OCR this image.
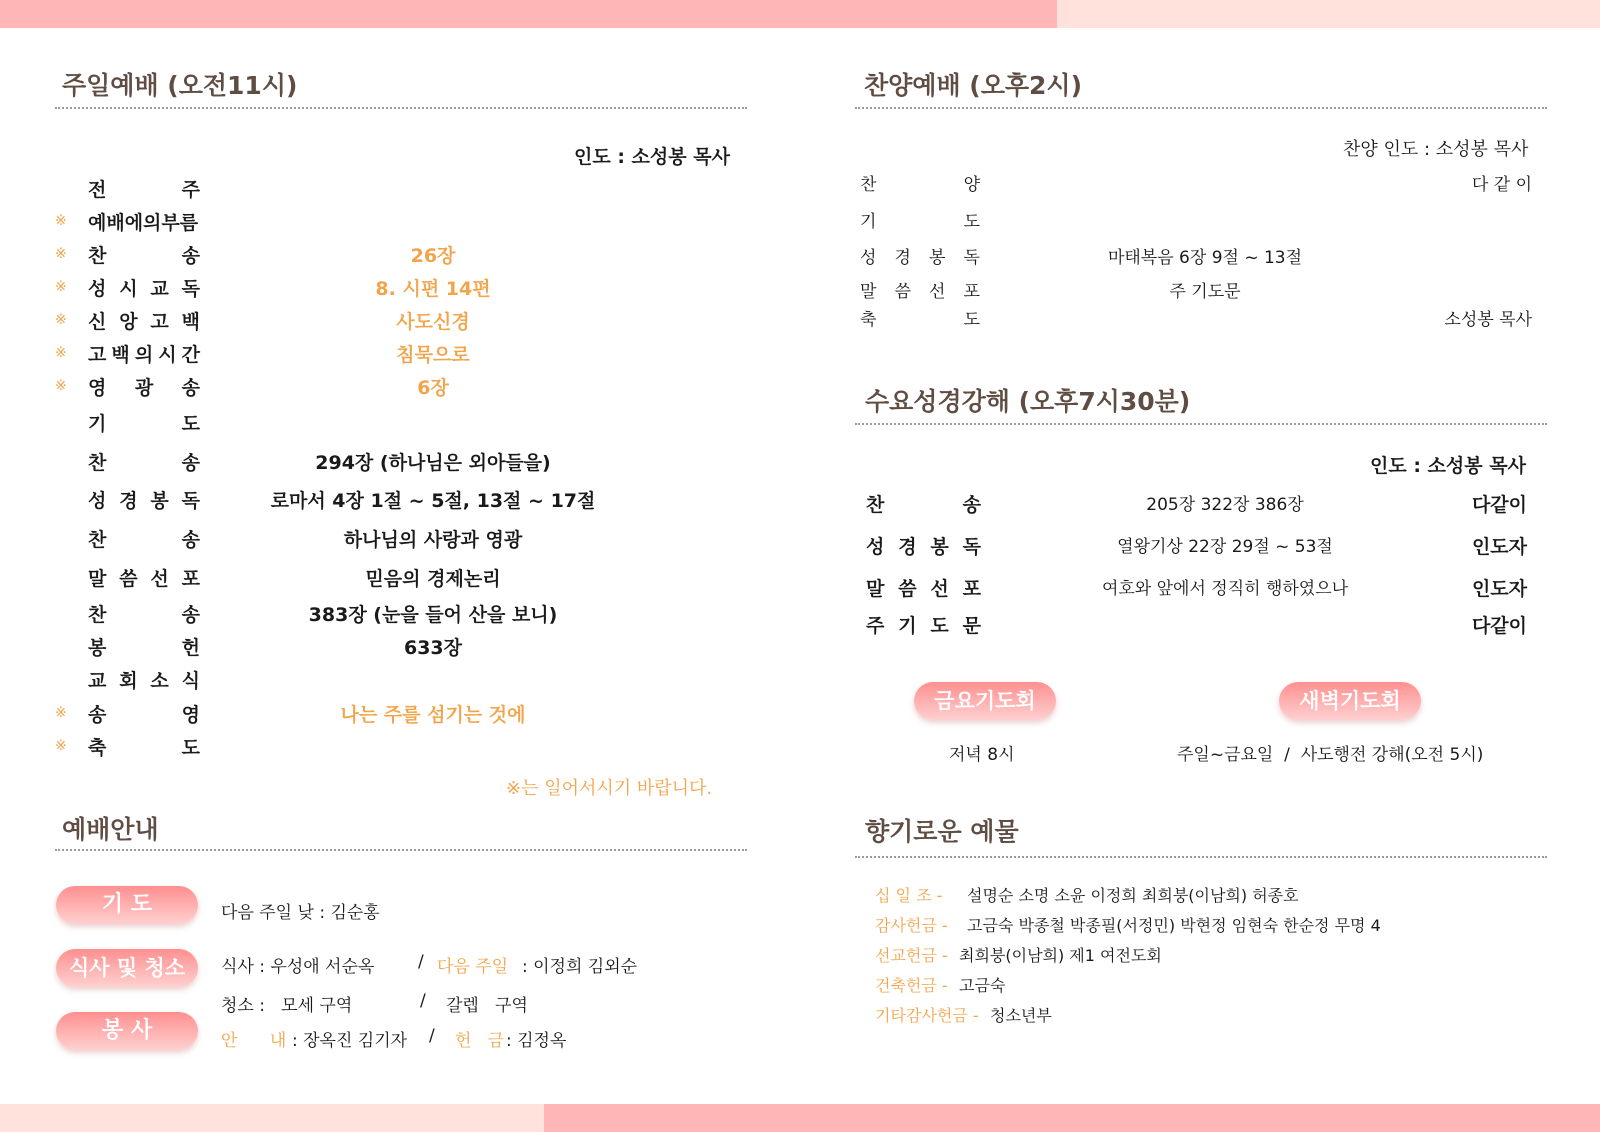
주일예배 (오전11시)
인도 : 소성봉 목사
전	주
※ 예배에의부름
※ 찬	송	26장
※ 성 시 교 독	8. 시편 14편
※ 신 앙 고 백	사도신경
※ 고 백 의 시 간	침묵으로
※ 영 광 송	6장
기	도
찬	송	294장 (하나님은 외아들을)
성 경 봉 독	로마서 4장 1절 ~ 5절, 13절 ~ 17절
찬	송	하나님의 사랑과 영광
말 씀 선 포	믿음의 경제논리
찬	송	383장 (눈을 들어 산을 보니)
봉	헌	633장
교 회 소 식
※ 송	영	나는 주를 섬기는 것에
※ 축	도
※는 일어서시기 바랍니다.
예배안내
기 도	다음 주일 낮 : 김순홍
식사 및 청소	식사 : 우성애 서순옥	/ 다음 주일 : 이정희 김외순
청소 :   모세 구역	/ 갈렙   구역
봉 사	안      내 : 장옥진 김기자 / 헌   금 : 김정옥
찬양예배 (오후2시)
찬양 인도 : 소성봉 목사
찬	양	다 같 이
기	도
성 경 봉 독	마태복음 6장 9절 ~ 13절
말 씀 선 포	주 기도문
축	도	소성봉 목사
수요성경강해 (오후7시30분)
인도 : 소성봉 목사
찬	송	205장 322장 386장	다같이
성 경 봉 독	열왕기상 22장 29절 ~ 53절	인도자
말 씀 선 포	여호와 앞에서 정직히 행하였으나	인도자
주 기 도 문	다같이
금요기도회
저녁 8시
새벽기도회
주일~금요일  /  사도행전 강해(오전 5시)
향기로운 예물
십 일 조 - 설명순 소명 소윤 이정희 최희붕(이남희) 허종호
감사헌금 - 고금숙 박종철 박종필(서정민) 박현정 임현숙 한순정 무명 4
선교헌금 - 최희붕(이남희) 제1 여전도회
건축헌금 - 고금숙
기타감사헌금 - 청소년부
